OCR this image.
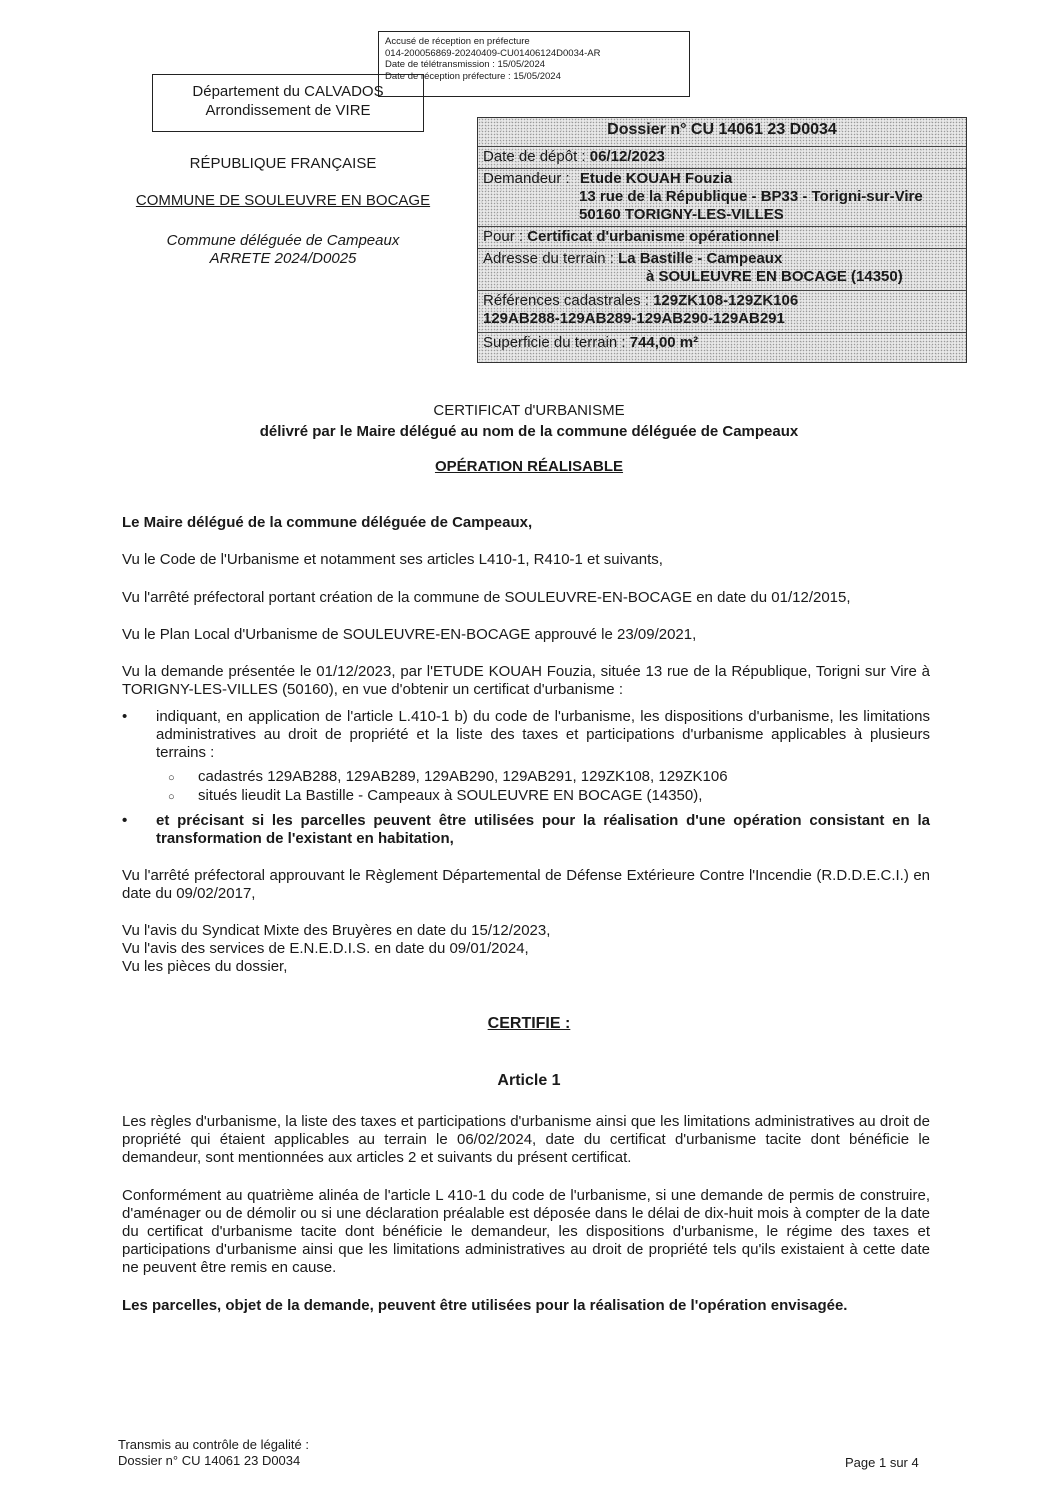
Accusé de réception en préfecture
014-200056869-20240409-CU01406124D0034-AR
Date de télétransmission : 15/05/2024
Date de réception préfecture : 15/05/2024
Département du CALVADOS
Arrondissement de VIRE
RÉPUBLIQUE FRANÇAISE
COMMUNE DE SOULEUVRE EN BOCAGE
Commune déléguée de Campeaux
ARRETE 2024/D0025
Dossier n° CU 14061 23 D0034
Date de dépôt : 06/12/2023
Demandeur : Etude KOUAH Fouzia
13 rue de la République - BP33 - Torigni-sur-Vire
50160 TORIGNY-LES-VILLES
Pour : Certificat d'urbanisme opérationnel
Adresse du terrain : La Bastille - Campeaux
à SOULEUVRE EN BOCAGE (14350)
Références cadastrales : 129ZK108-129ZK106
129AB288-129AB289-129AB290-129AB291
Superficie du terrain : 744,00 m²
CERTIFICAT d'URBANISME
délivré par le Maire délégué au nom de la commune déléguée de Campeaux
OPÉRATION RÉALISABLE
Le Maire délégué de la commune déléguée de Campeaux,
Vu le Code de l'Urbanisme et notamment ses articles L410-1, R410-1 et suivants,
Vu l'arrêté préfectoral portant création de la commune de SOULEUVRE-EN-BOCAGE en date du 01/12/2015,
Vu le Plan Local d'Urbanisme de SOULEUVRE-EN-BOCAGE approuvé le 23/09/2021,
Vu la demande présentée le 01/12/2023, par l'ETUDE KOUAH Fouzia, située 13 rue de la République, Torigni sur Vire à TORIGNY-LES-VILLES (50160), en vue d'obtenir un certificat d'urbanisme :
•	indiquant, en application de l'article L.410-1 b) du code de l'urbanisme, les dispositions d'urbanisme, les limitations administratives au droit de propriété et la liste des taxes et participations d'urbanisme applicables à plusieurs terrains :
○ cadastrés 129AB288, 129AB289, 129AB290, 129AB291, 129ZK108, 129ZK106
○ situés lieudit La Bastille - Campeaux à SOULEUVRE EN BOCAGE (14350),
•	et précisant si les parcelles peuvent être utilisées pour la réalisation d'une opération consistant en la transformation de l'existant en habitation,
Vu l'arrêté préfectoral approuvant le Règlement Départemental de Défense Extérieure Contre l'Incendie (R.D.D.E.C.I.) en date du 09/02/2017,
Vu l'avis du Syndicat Mixte des Bruyères en date du 15/12/2023,
Vu l'avis des services de E.N.E.D.I.S. en date du 09/01/2024,
Vu les pièces du dossier,
CERTIFIE :
Article 1
Les règles d'urbanisme, la liste des taxes et participations d'urbanisme ainsi que les limitations administratives au droit de propriété qui étaient applicables au terrain le 06/02/2024, date du certificat d'urbanisme tacite dont bénéficie le demandeur, sont mentionnées aux articles 2 et suivants du présent certificat.
Conformément au quatrième alinéa de l'article L 410-1 du code de l'urbanisme, si une demande de permis de construire, d'aménager ou de démolir ou si une déclaration préalable est déposée dans le délai de dix-huit mois à compter de la date du certificat d'urbanisme tacite dont bénéficie le demandeur, les dispositions d'urbanisme, le régime des taxes et participations d'urbanisme ainsi que les limitations administratives au droit de propriété tels qu'ils existaient à cette date ne peuvent être remis en cause.
Les parcelles, objet de la demande, peuvent être utilisées pour la réalisation de l'opération envisagée.
Transmis au contrôle de légalité :
Dossier n° CU 14061 23 D0034	Page 1 sur 4
